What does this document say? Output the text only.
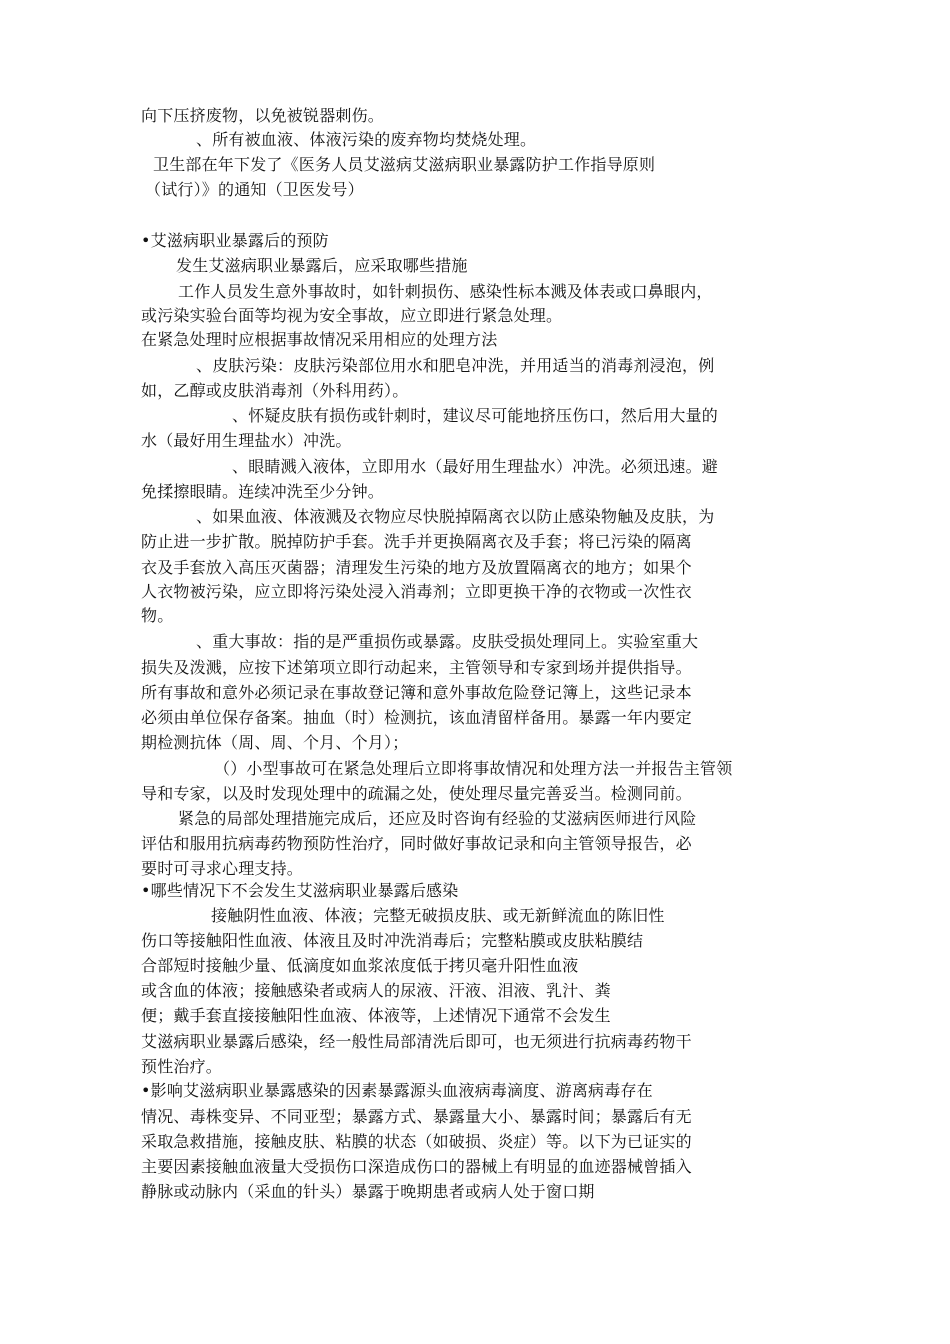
向下压挤废物，以免被锐器刺伤。
、所有被血液、体液污染的废弃物均焚烧处理。
卫生部在年下发了《医务人员艾滋病艾滋病职业暴露防护工作指导原则
（试行）》的通知（卫医发号）
•艾滋病职业暴露后的预防
发生艾滋病职业暴露后，应采取哪些措施
工作人员发生意外事故时，如针刺损伤、感染性标本溅及体表或口鼻眼内，
或污染实验台面等均视为安全事故，应立即进行紧急处理。
在紧急处理时应根据事故情况采用相应的处理方法
、皮肤污染：皮肤污染部位用水和肥皂冲洗，并用适当的消毒剂浸泡，例
如，乙醇或皮肤消毒剂（外科用药）。
、怀疑皮肤有损伤或针刺时，建议尽可能地挤压伤口，然后用大量的
水（最好用生理盐水）冲洗。
、眼睛溅入液体，立即用水（最好用生理盐水）冲洗。必须迅速。避
免揉擦眼睛。连续冲洗至少分钟。
、如果血液、体液溅及衣物应尽快脱掉隔离衣以防止感染物触及皮肤，为
防止进一步扩散。脱掉防护手套。洗手并更换隔离衣及手套；将已污染的隔离
衣及手套放入高压灭菌器；清理发生污染的地方及放置隔离衣的地方；如果个
人衣物被污染，应立即将污染处浸入消毒剂；立即更换干净的衣物或一次性衣
物。
、重大事故：指的是严重损伤或暴露。皮肤受损处理同上。实验室重大
损失及泼溅，应按下述第项立即行动起来，主管领导和专家到场并提供指导。
所有事故和意外必须记录在事故登记簿和意外事故危险登记簿上，这些记录本
必须由单位保存备案。抽血（时）检测抗，该血清留样备用。暴露一年内要定
期检测抗体（周、周、个月、个月）；
（）小型事故可在紧急处理后立即将事故情况和处理方法一并报告主管领
导和专家，以及时发现处理中的疏漏之处，使处理尽量完善妥当。检测同前。
紧急的局部处理措施完成后，还应及时咨询有经验的艾滋病医师进行风险
评估和服用抗病毒药物预防性治疗，同时做好事故记录和向主管领导报告，必
要时可寻求心理支持。
•哪些情况下不会发生艾滋病职业暴露后感染
接触阴性血液、体液；完整无破损皮肤、或无新鲜流血的陈旧性
伤口等接触阳性血液、体液且及时冲洗消毒后；完整粘膜或皮肤粘膜结
合部短时接触少量、低滴度如血浆浓度低于拷贝毫升阳性血液
或含血的体液；接触感染者或病人的尿液、汗液、泪液、乳汁、粪
便；戴手套直接接触阳性血液、体液等，上述情况下通常不会发生
艾滋病职业暴露后感染，经一般性局部清洗后即可，也无须进行抗病毒药物干
预性治疗。
•影响艾滋病职业暴露感染的因素暴露源头血液病毒滴度、游离病毒存在
情况、毒株变异、不同亚型；暴露方式、暴露量大小、暴露时间；暴露后有无
采取急救措施，接触皮肤、粘膜的状态（如破损、炎症）等。以下为已证实的
主要因素接触血液量大受损伤口深造成伤口的器械上有明显的血迹器械曾插入
静脉或动脉内（采血的针头）暴露于晚期患者或病人处于窗口期
